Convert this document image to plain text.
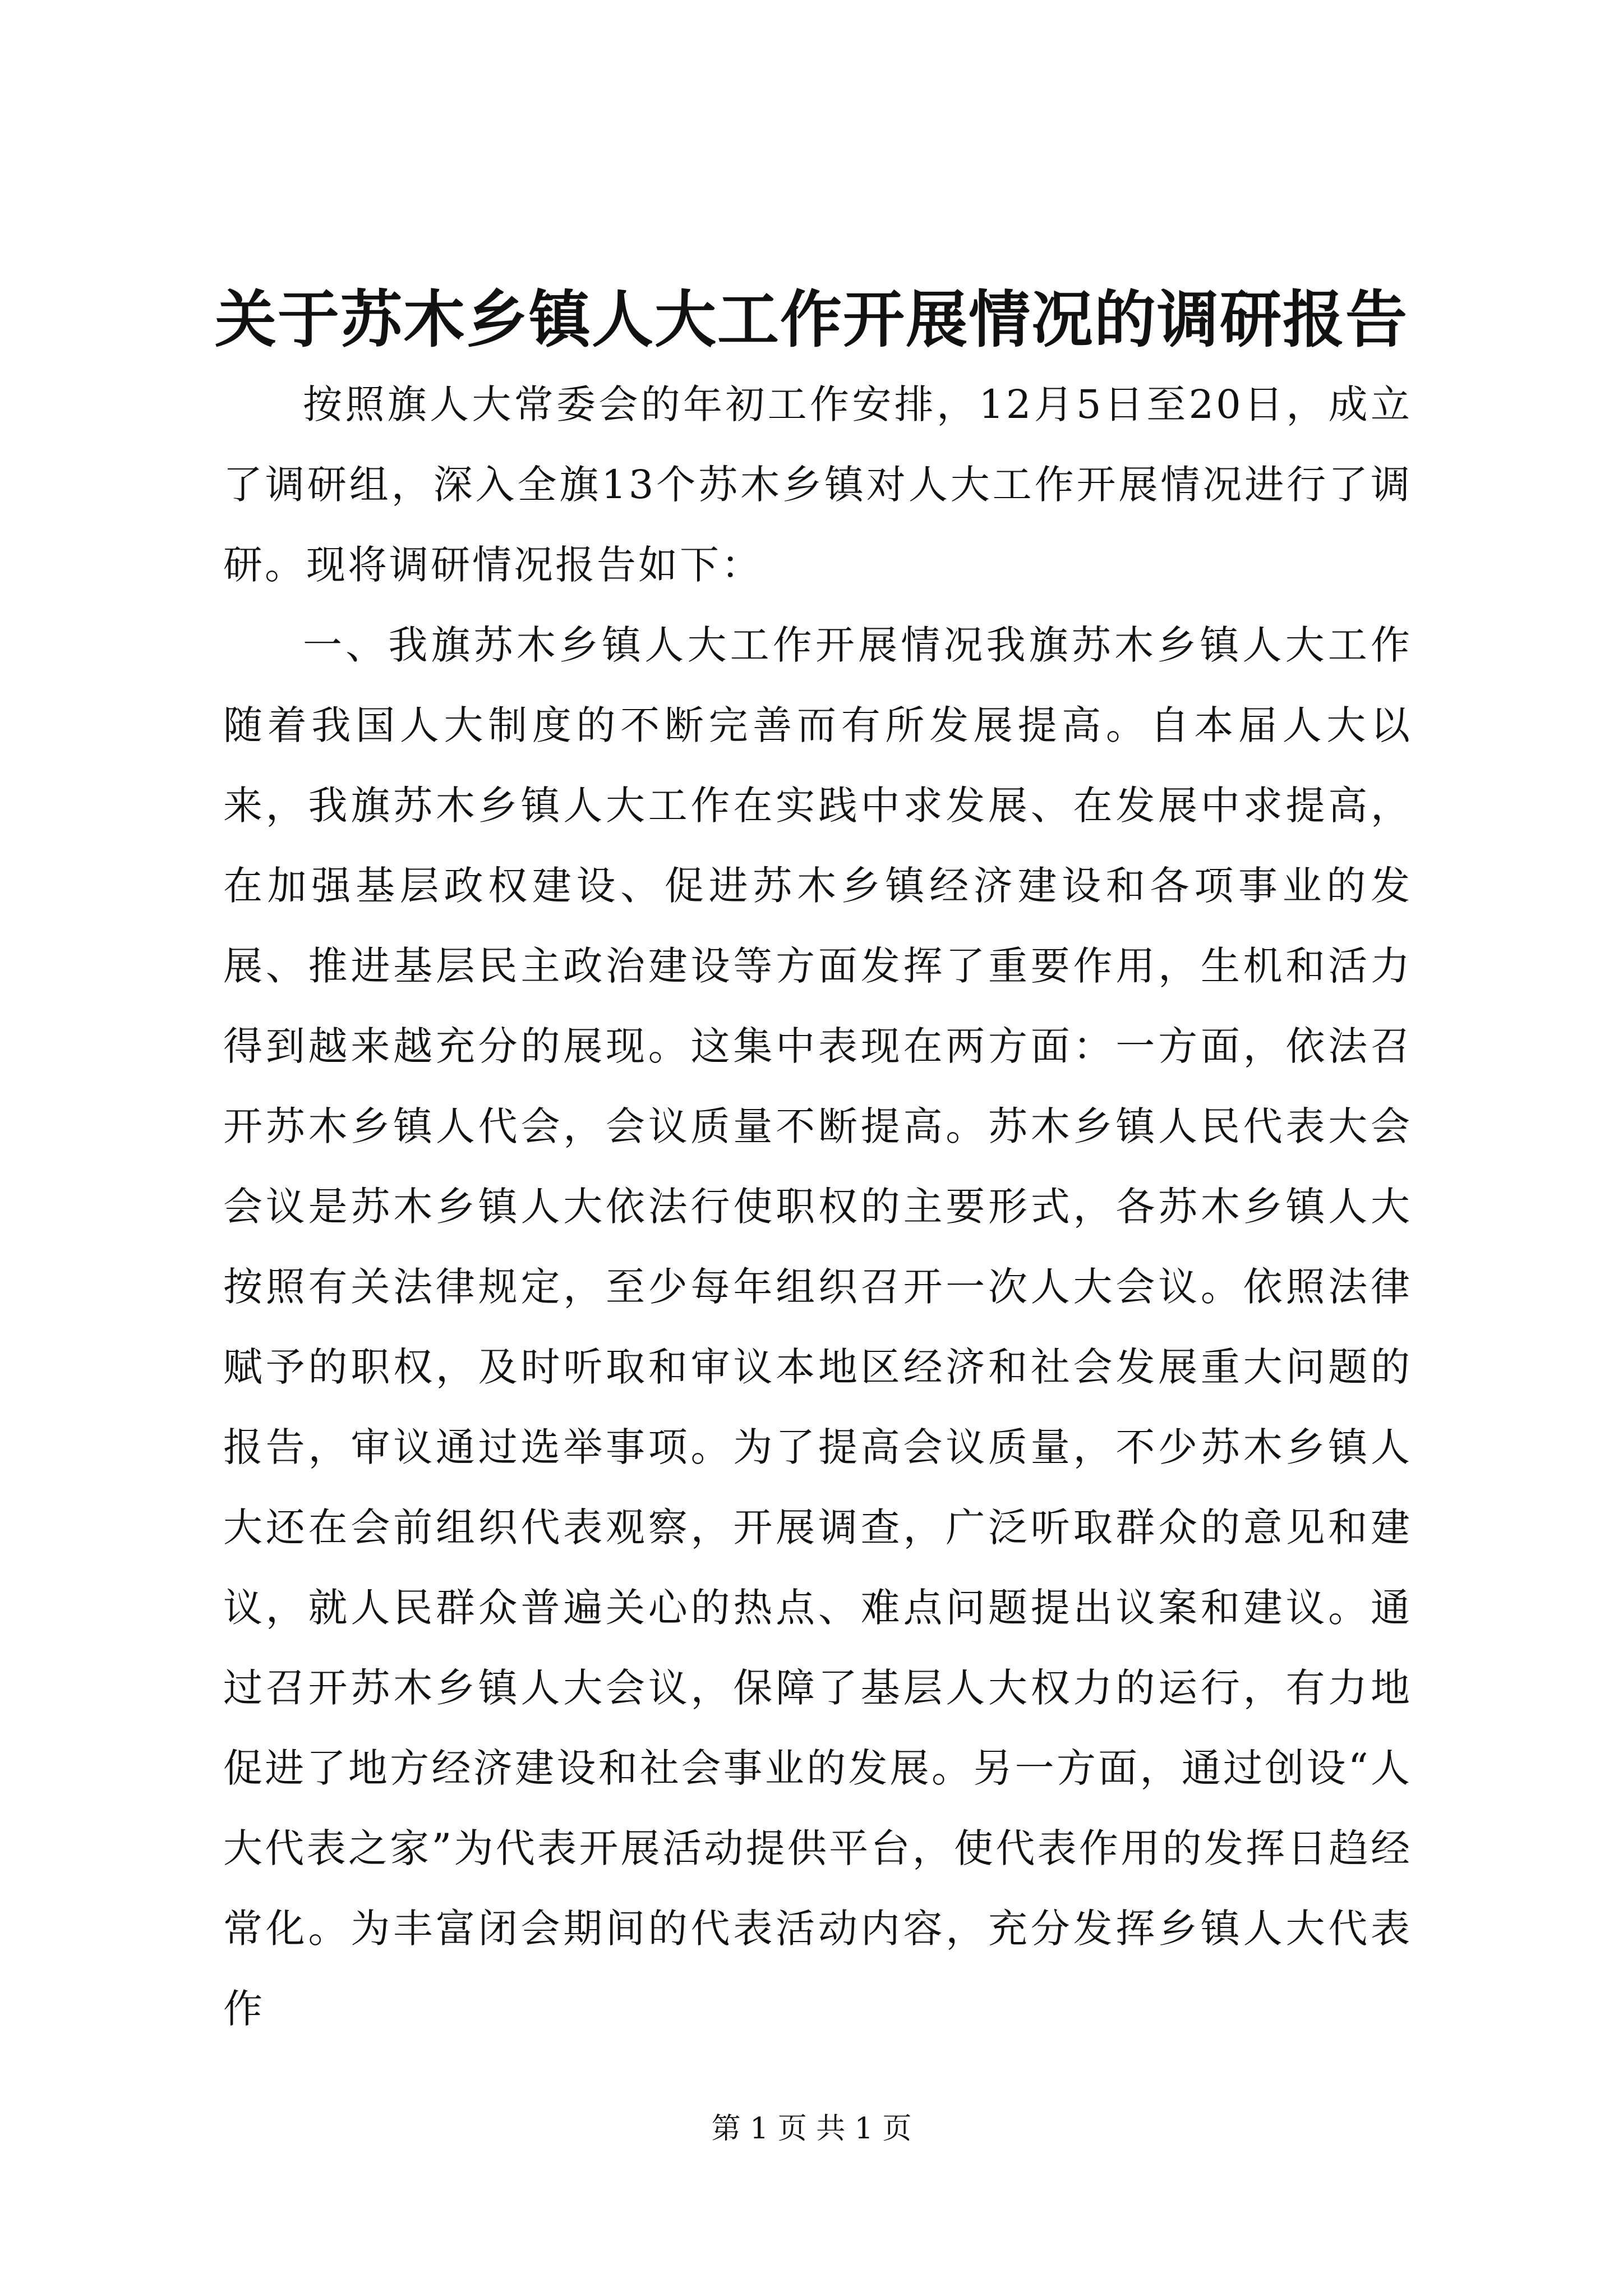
关于苏木乡镇人大工作开展情况的调研报告

按照旗人大常委会的年初工作安排，12月5日至20日，成立了调研组，深入全旗13个苏木乡镇对人大工作开展情况进行了调研。现将调研情况报告如下：

一、我旗苏木乡镇人大工作开展情况我旗苏木乡镇人大工作随着我国人大制度的不断完善而有所发展提高。自本届人大以来，我旗苏木乡镇人大工作在实践中求发展、在发展中求提高，在加强基层政权建设、促进苏木乡镇经济建设和各项事业的发展、推进基层民主政治建设等方面发挥了重要作用，生机和活力得到越来越充分的展现。这集中表现在两方面：一方面，依法召开苏木乡镇人代会，会议质量不断提高。苏木乡镇人民代表大会会议是苏木乡镇人大依法行使职权的主要形式，各苏木乡镇人大按照有关法律规定，至少每年组织召开一次人大会议。依照法律赋予的职权，及时听取和审议本地区经济和社会发展重大问题的报告，审议通过选举事项。为了提高会议质量，不少苏木乡镇人大还在会前组织代表观察，开展调查，广泛听取群众的意见和建议，就人民群众普遍关心的热点、难点问题提出议案和建议。通过召开苏木乡镇人大会议，保障了基层人大权力的运行，有力地促进了地方经济建设和社会事业的发展。另一方面，通过创设“人大代表之家”为代表开展活动提供平台，使代表作用的发挥日趋经常化。为丰富闭会期间的代表活动内容，充分发挥乡镇人大代表作

第 1 页 共 1 页
